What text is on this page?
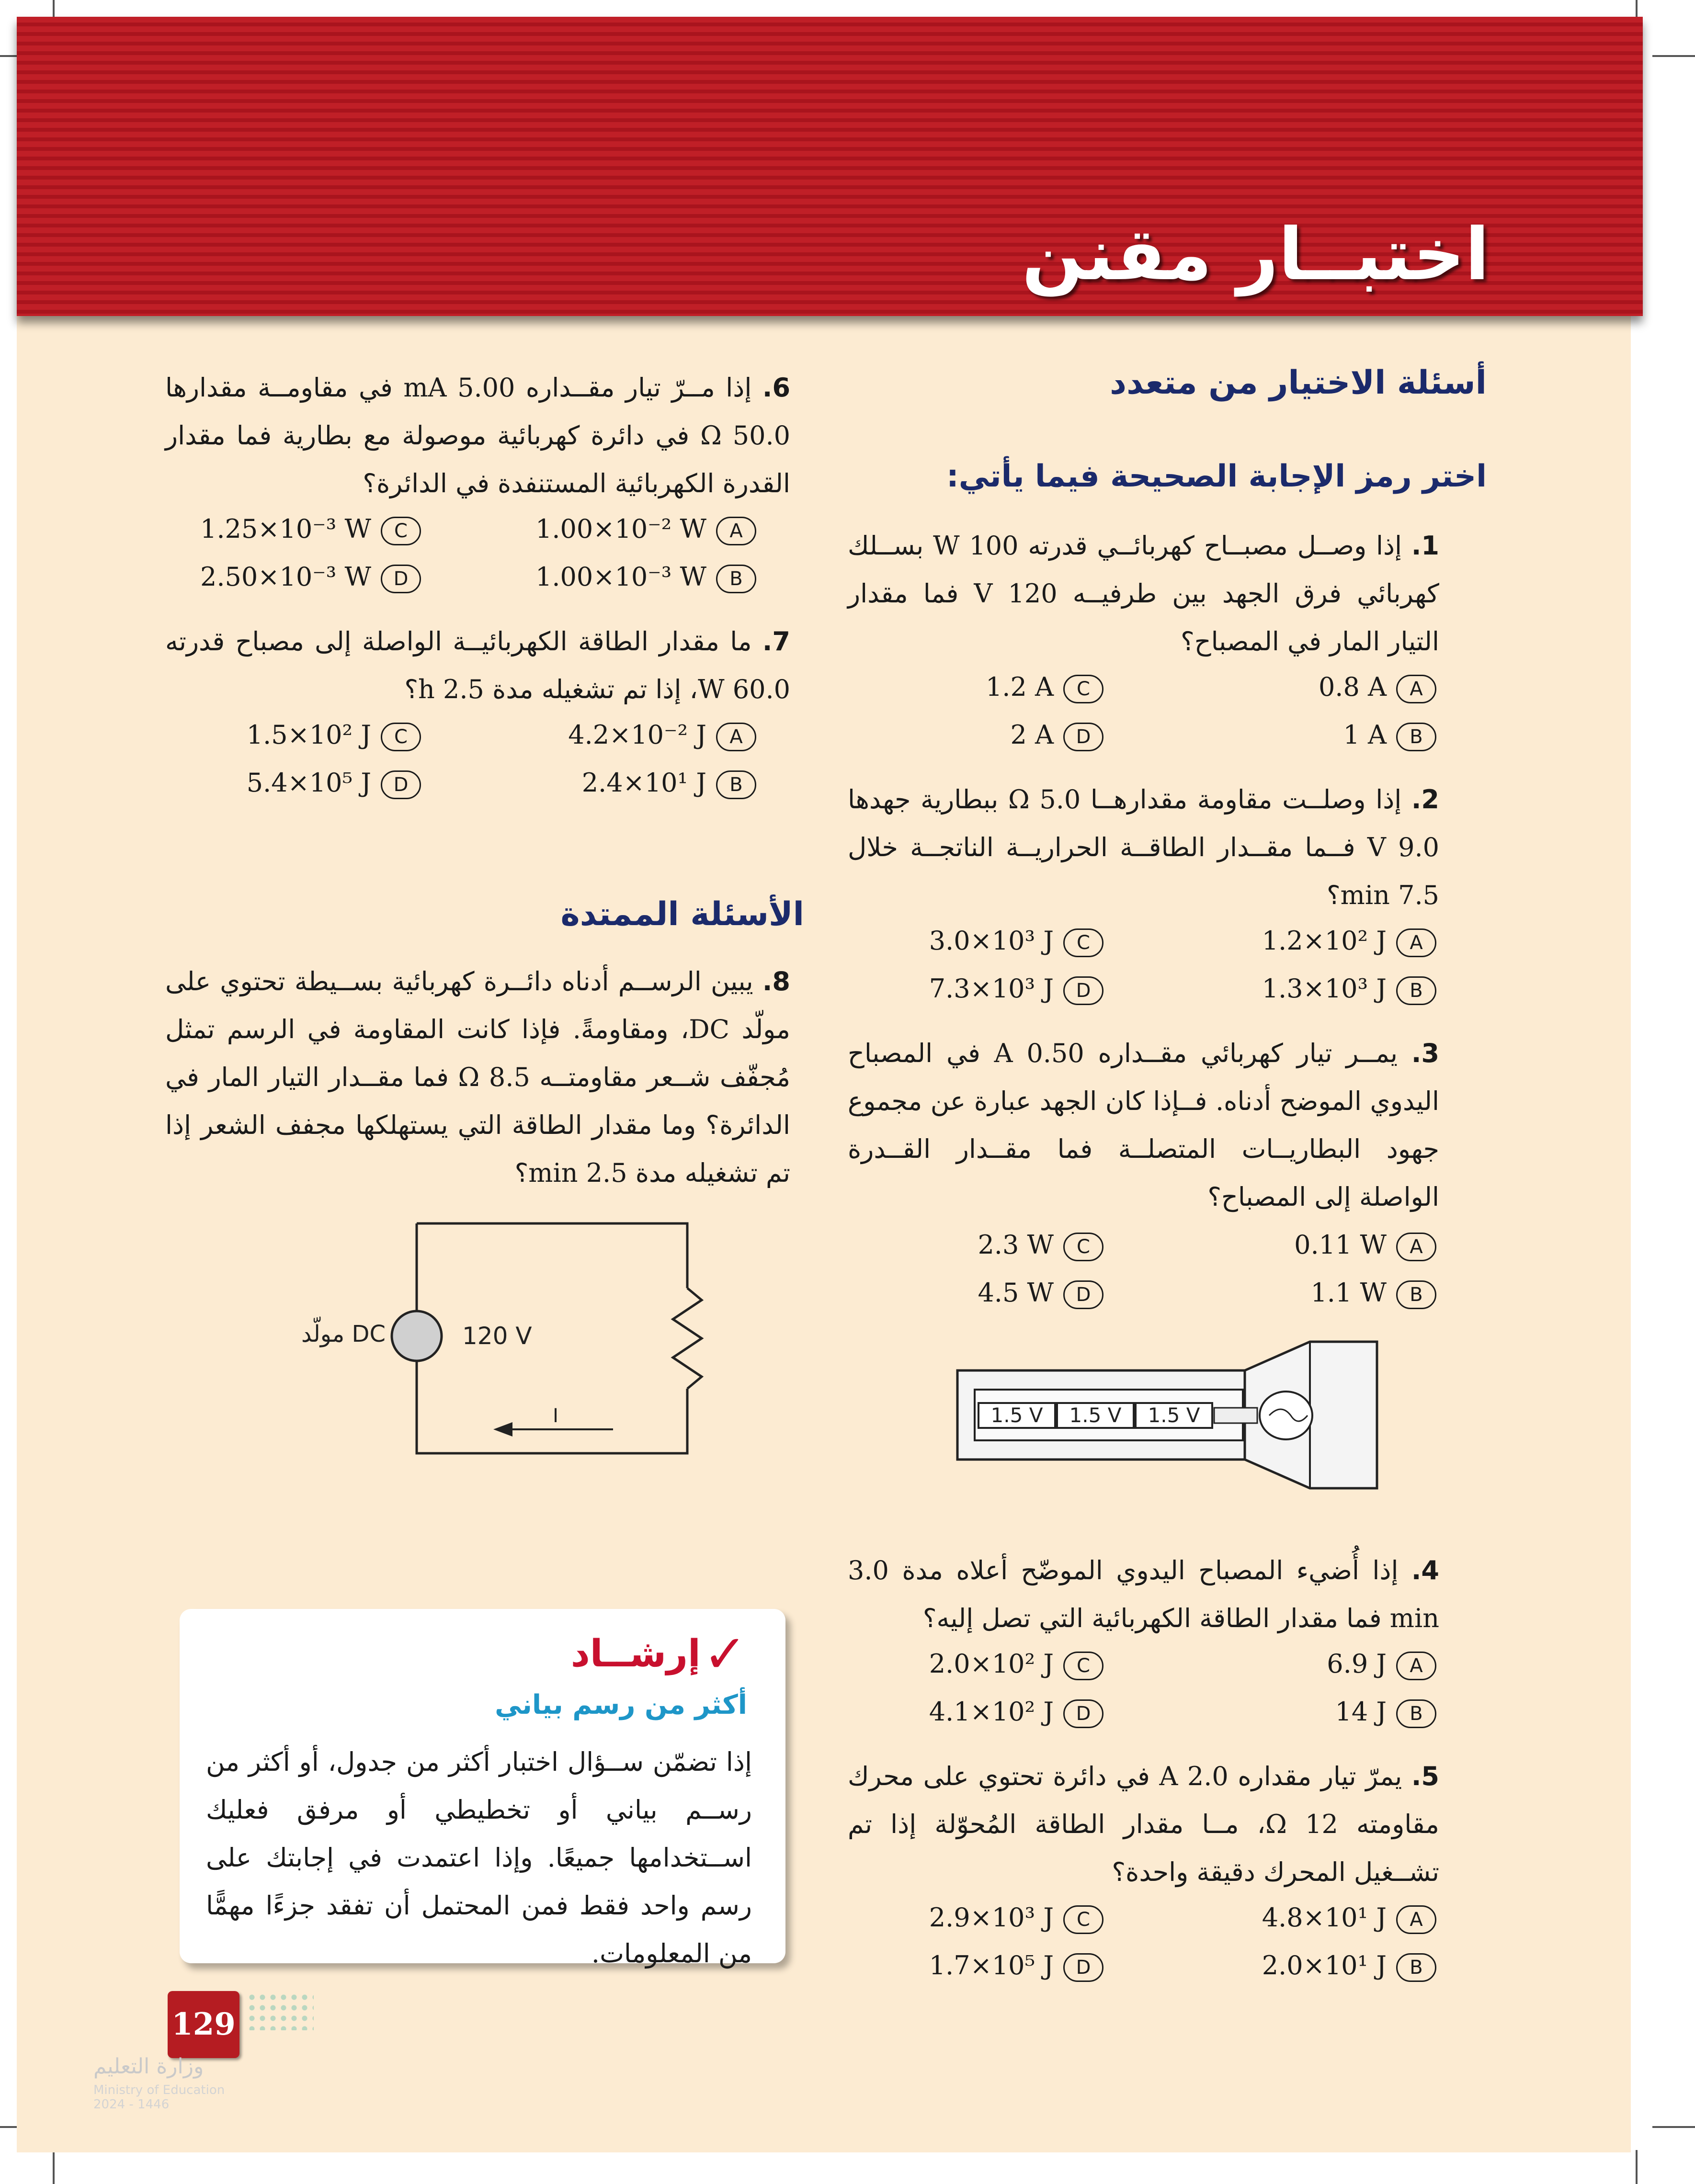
اختبــار مقنن
أسئلة الاختيار من متعدد
اختر رمز الإجابة الصحيحة فيما يأتي:
1. إذا وصــل مصبــاح كهربائــي قدرته 100 W بســلك كهربائي فرق الجهد بين طرفيــه 120 V فما مقدار التيار المار في المصباح؟
A0.8 A
B1 A
C1.2 A
D2 A
2. إذا وصلــت مقاومة مقدارهــا 5.0 Ω ببطارية جهدها 9.0 V فــما مقــدار الطاقــة الحراريــة الناتجــة خلال 7.5 min؟
A1.2×10² J
B1.3×10³ J
C3.0×10³ J
D7.3×10³ J
3. يمــر تيار كهربائي مقــداره 0.50 A في المصباح اليدوي الموضح أدناه. فــإذا كان الجهد عبارة عن مجموع جهود البطاريــات المتصلــة فما مقــدار القــدرة الواصلة إلى المصباح؟
A0.11 W
B1.1 W
C2.3 W
D4.5 W
1.5 V 1.5 V 1.5 V
4. إذا أُضيء المصباح اليدوي الموضّح أعلاه مدة 3.0 min فما مقدار الطاقة الكهربائية التي تصل إليه؟
A6.9 J
B14 J
C2.0×10² J
D4.1×10² J
5. يمرّ تيار مقداره 2.0 A في دائرة تحتوي على محرك مقاومته 12 Ω، مــا مقدار الطاقة المُحوّلة إذا تم تشــغيل المحرك دقيقة واحدة؟
A4.8×10¹ J
B2.0×10¹ J
C2.9×10³ J
D1.7×10⁵ J
6. إذا مــرّ تيار مقــداره 5.00 mA في مقاومــة مقدارها 50.0 Ω في دائرة كهربائية موصولة مع بطارية فما مقدار القدرة الكهربائية المستنفدة في الدائرة؟
A1.00×10⁻² W
B1.00×10⁻³ W
C1.25×10⁻³ W
D2.50×10⁻³ W
7. ما مقدار الطاقة الكهربائيــة الواصلة إلى مصباح قدرته 60.0 W، إذا تم تشغيله مدة 2.5 h؟
A4.2×10⁻² J
B2.4×10¹ J
C1.5×10² J
D5.4×10⁵ J
الأسئلة الممتدة
8. يبين الرســم أدناه دائــرة كهربائية بســيطة تحتوي على مولّد DC، ومقاومةً. فإذا كانت المقاومة في الرسم تمثل مُجفّف شــعر مقاومتــه 8.5 Ω فما مقــدار التيار المار في الدائرة؟ وما مقدار الطاقة التي يستهلكها مجفف الشعر إذا تم تشغيله مدة 2.5 min؟
مولّد DC	120 V
I
✓ إرشــاد
أكثر من رسم بياني
إذا تضمّن ســؤال اختبار أكثر من جدول، أو أكثر من رســم بياني أو تخطيطي أو مرفق فعليك اســتخدامها جميعًا. وإذا اعتمدت في إجابتك على رسم واحد فقط فمن المحتمل أن تفقد جزءًا مهمًّا من المعلومات.
129
وزارة التعليم
Ministry of Education
2024 - 1446
